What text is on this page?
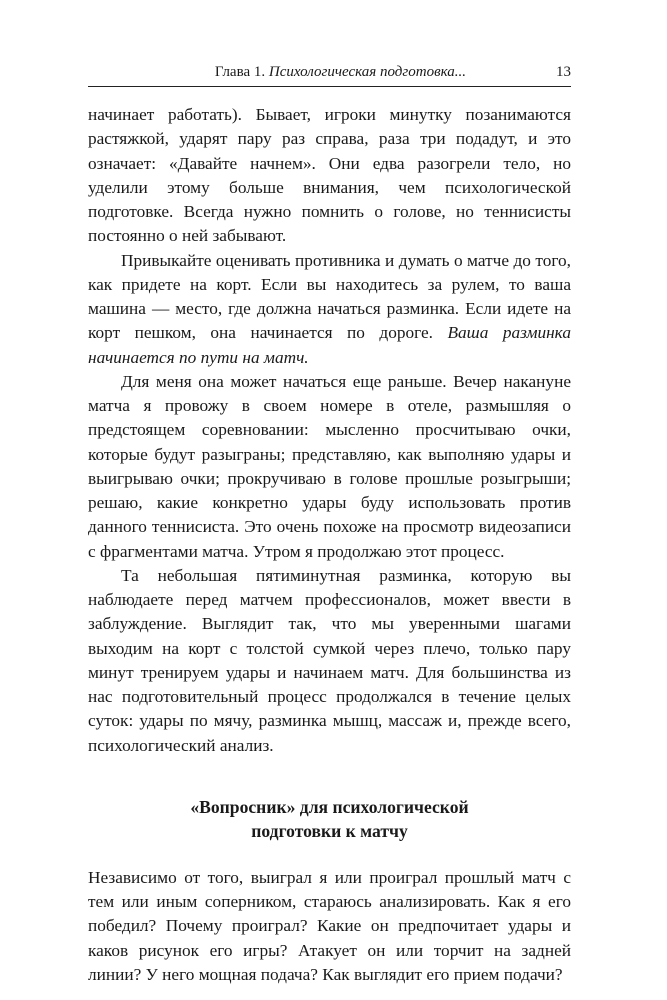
Глава 1. Психологическая подготовка...	13

начинает работать). Бывает, игроки минутку позанимаются растяжкой, ударят пару раз справа, раза три подадут, и это означает: «Давайте начнем». Они едва разогрели тело, но уделили этому больше внимания, чем психологической подготовке. Всегда нужно помнить о голове, но теннисисты постоянно о ней забывают.

Привыкайте оценивать противника и думать о матче до того, как придете на корт. Если вы находитесь за рулем, то ваша машина — место, где должна начаться разминка. Если идете на корт пешком, она начинается по дороге. Ваша разминка начинается по пути на матч.

Для меня она может начаться еще раньше. Вечер накануне матча я провожу в своем номере в отеле, размышляя о предстоящем соревновании: мысленно просчитываю очки, которые будут разыграны; представляю, как выполняю удары и выигрываю очки; прокручиваю в голове прошлые розыгрыши; решаю, какие конкретно удары буду использовать против данного теннисиста. Это очень похоже на просмотр видеозаписи с фрагментами матча. Утром я продолжаю этот процесс.

Та небольшая пятиминутная разминка, которую вы наблюдаете перед матчем профессионалов, может ввести в заблуждение. Выглядит так, что мы уверенными шагами выходим на корт с толстой сумкой через плечо, только пару минут тренируем удары и начинаем матч. Для большинства из нас подготовительный процесс продолжался в течение целых суток: удары по мячу, разминка мышц, массаж и, прежде всего, психологический анализ.

«Вопросник» для психологической
подготовки к матчу

Независимо от того, выиграл я или проиграл прошлый матч с тем или иным соперником, стараюсь анализировать. Как я его победил? Почему проиграл? Какие он предпочитает удары и каков рисунок его игры? Атакует он или торчит на задней линии? У него мощная подача? Как выглядит его прием подачи?
